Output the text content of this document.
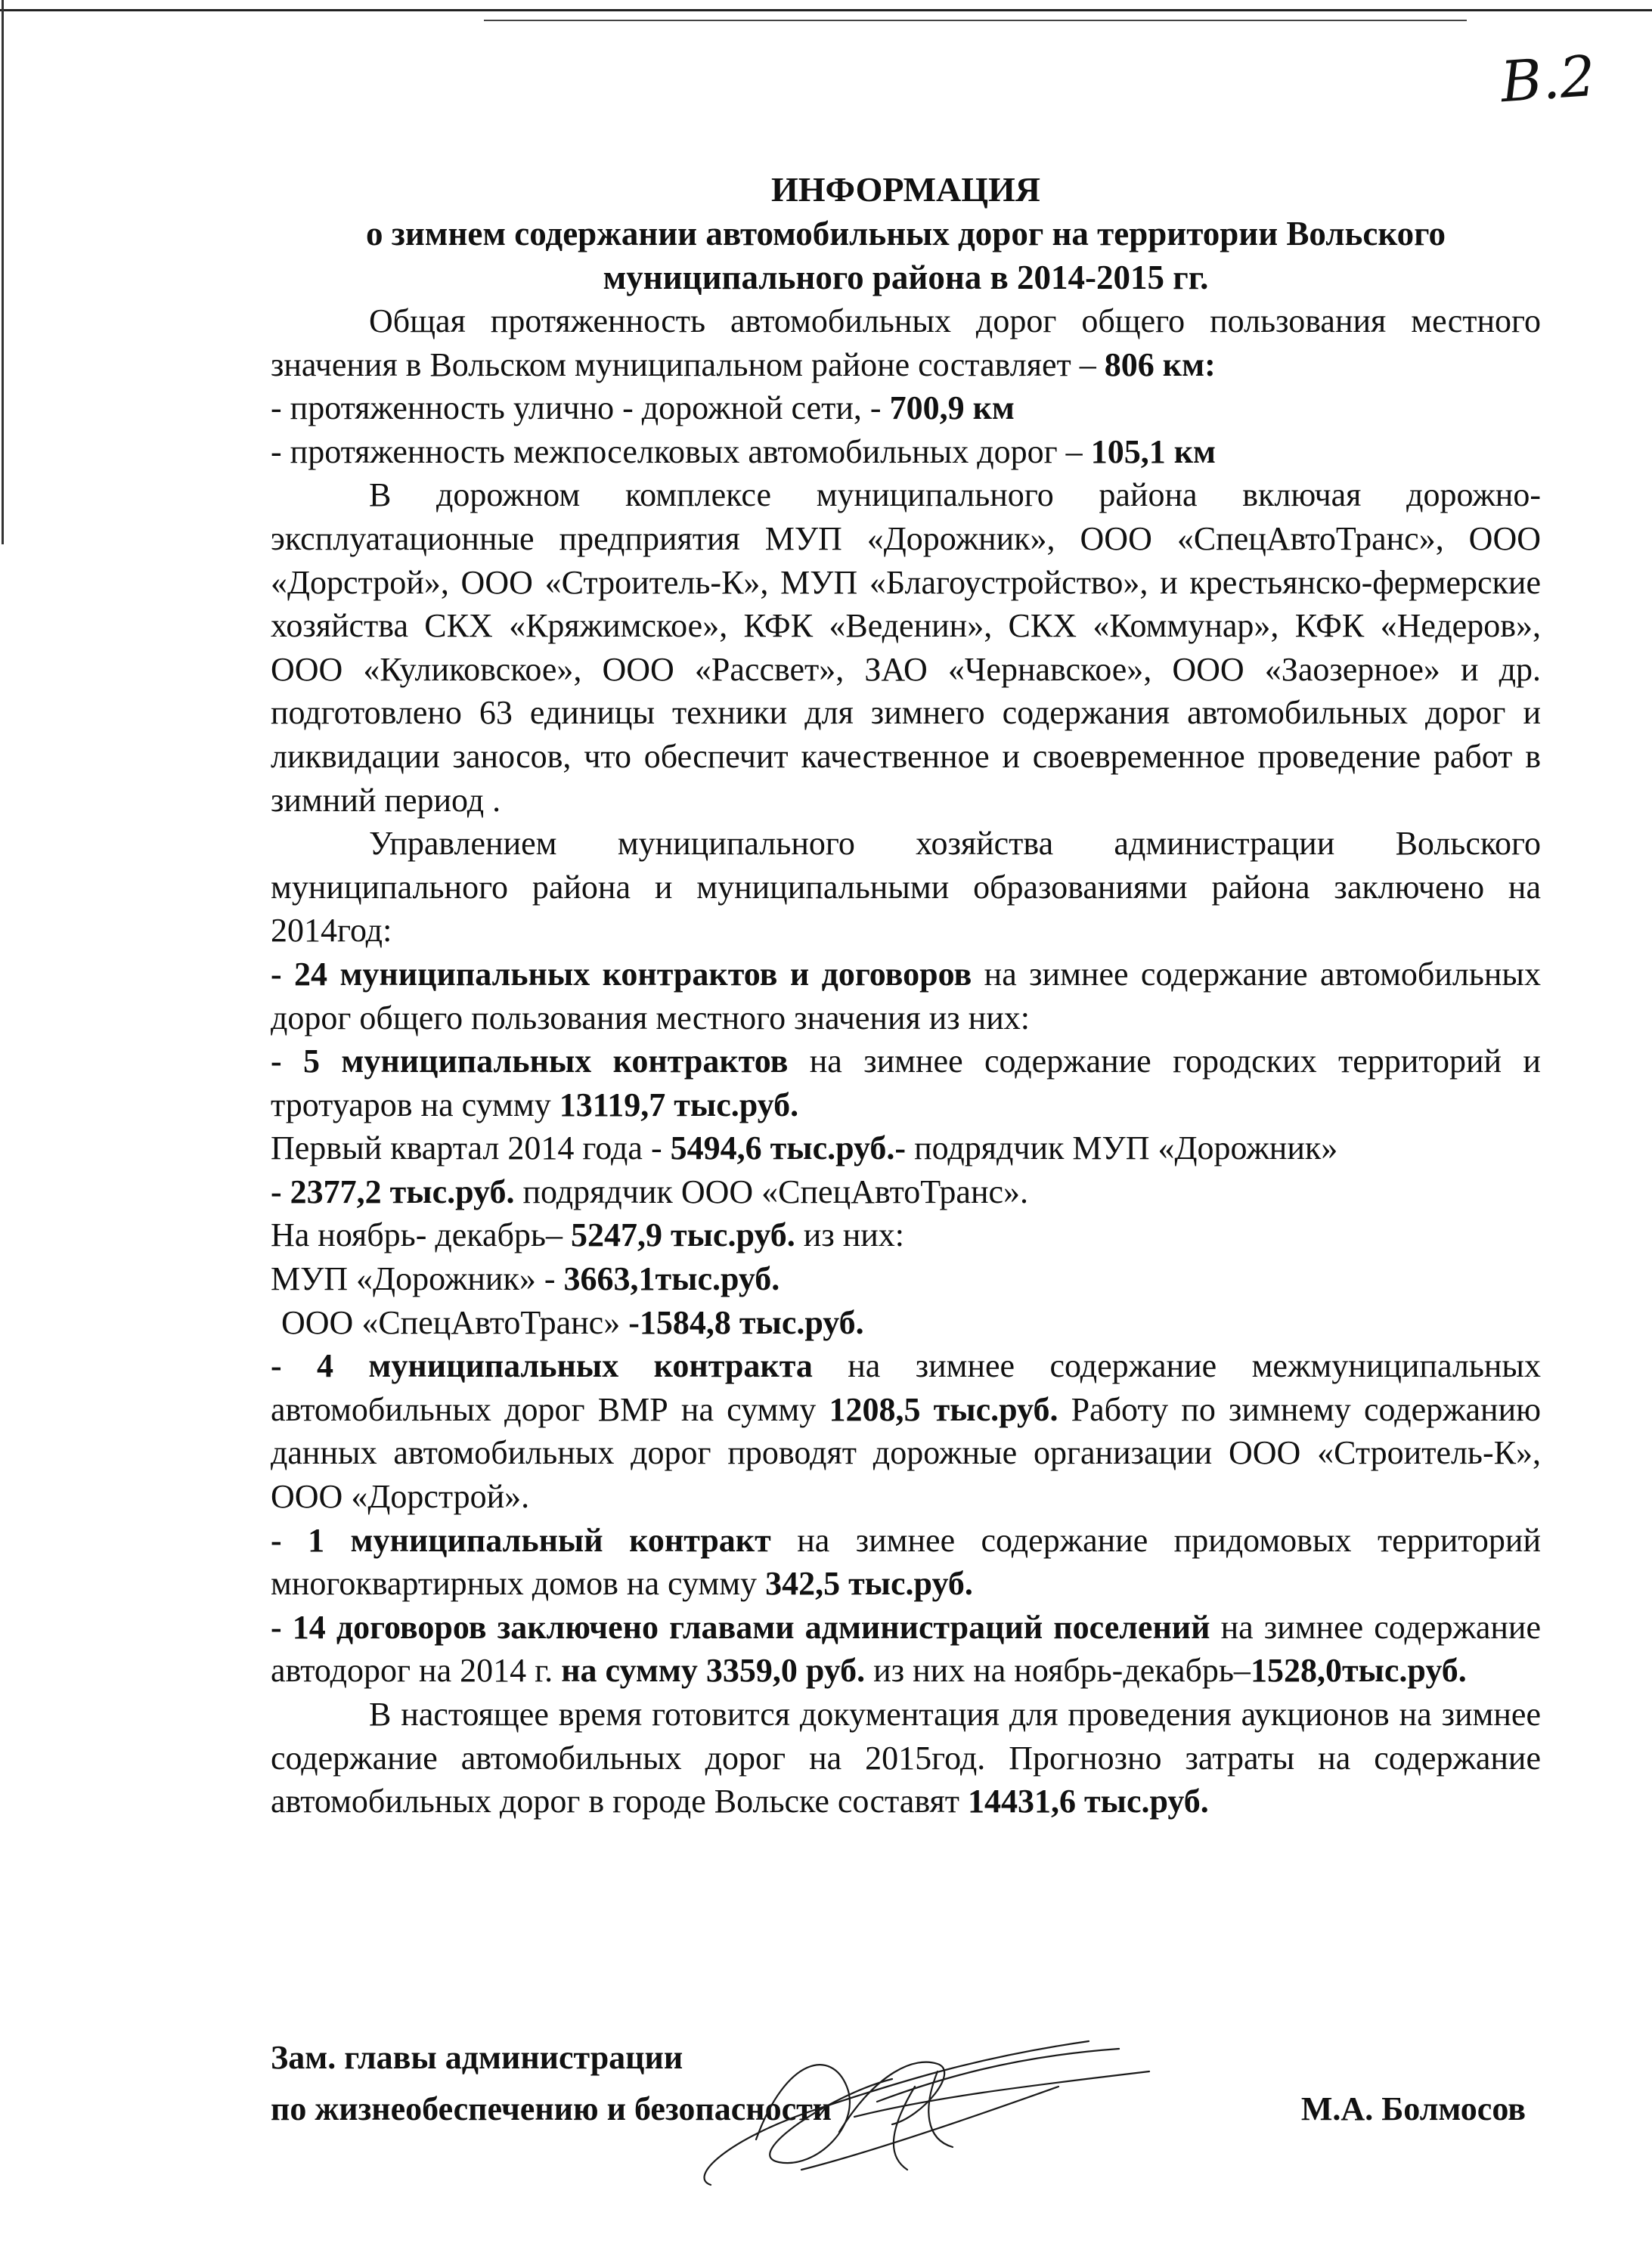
В.2
ИНФОРМАЦИЯ
о зимнем содержании автомобильных дорог на территории Вольского муниципального района в 2014-2015 гг.

Общая протяженность автомобильных дорог общего пользования местного значения в Вольском муниципальном районе составляет – 806 км:

- протяженность улично - дорожной сети, - 700,9 км

- протяженность межпоселковых автомобильных дорог – 105,1 км

В дорожном комплексе муниципального района включая дорожно-эксплуатационные предприятия МУП «Дорожник», ООО «СпецАвтоТранс», ООО «Дорстрой», ООО «Строитель-К», МУП «Благоустройство», и крестьянско-фермерские хозяйства СКХ «Кряжимское», КФК «Веденин», СКХ «Коммунар», КФК «Недеров», ООО «Куликовское», ООО «Рассвет», ЗАО «Чернавское», ООО «Заозерное» и др. подготовлено 63 единицы техники для зимнего содержания автомобильных дорог и ликвидации заносов, что обеспечит качественное и своевременное проведение работ в зимний период .

Управлением муниципального хозяйства администрации Вольского муниципального района и муниципальными образованиями района заключено на 2014год:

- 24 муниципальных контрактов и договоров на зимнее содержание автомобильных дорог общего пользования местного значения из них:

- 5 муниципальных контрактов на зимнее содержание городских территорий и тротуаров на сумму 13119,7 тыс.руб.

Первый квартал 2014 года - 5494,6 тыс.руб.- подрядчик МУП «Дорожник»

- 2377,2 тыс.руб. подрядчик ООО «СпецАвтоТранс».

На ноябрь- декабрь– 5247,9 тыс.руб. из них:

МУП «Дорожник» - 3663,1тыс.руб.

ООО «СпецАвтоТранс» -1584,8 тыс.руб.

- 4 муниципальных контракта на зимнее содержание межмуниципальных автомобильных дорог ВМР на сумму 1208,5 тыс.руб. Работу по зимнему содержанию данных автомобильных дорог проводят дорожные организации ООО «Строитель-К», ООО «Дорстрой».

- 1 муниципальный контракт на зимнее содержание придомовых территорий многоквартирных домов на сумму 342,5 тыс.руб.

- 14 договоров заключено главами администраций поселений на зимнее содержание автодорог на 2014 г. на сумму 3359,0 руб. из них на ноябрь-декабрь–1528,0тыс.руб.

В настоящее время готовится документация для проведения аукционов на зимнее содержание автомобильных дорог на 2015год. Прогнозно затраты на содержание автомобильных дорог в городе Вольске составят 14431,6 тыс.руб.

Зам. главы администрации
по жизнеобеспечению и безопасности	М.А. Болмосов
